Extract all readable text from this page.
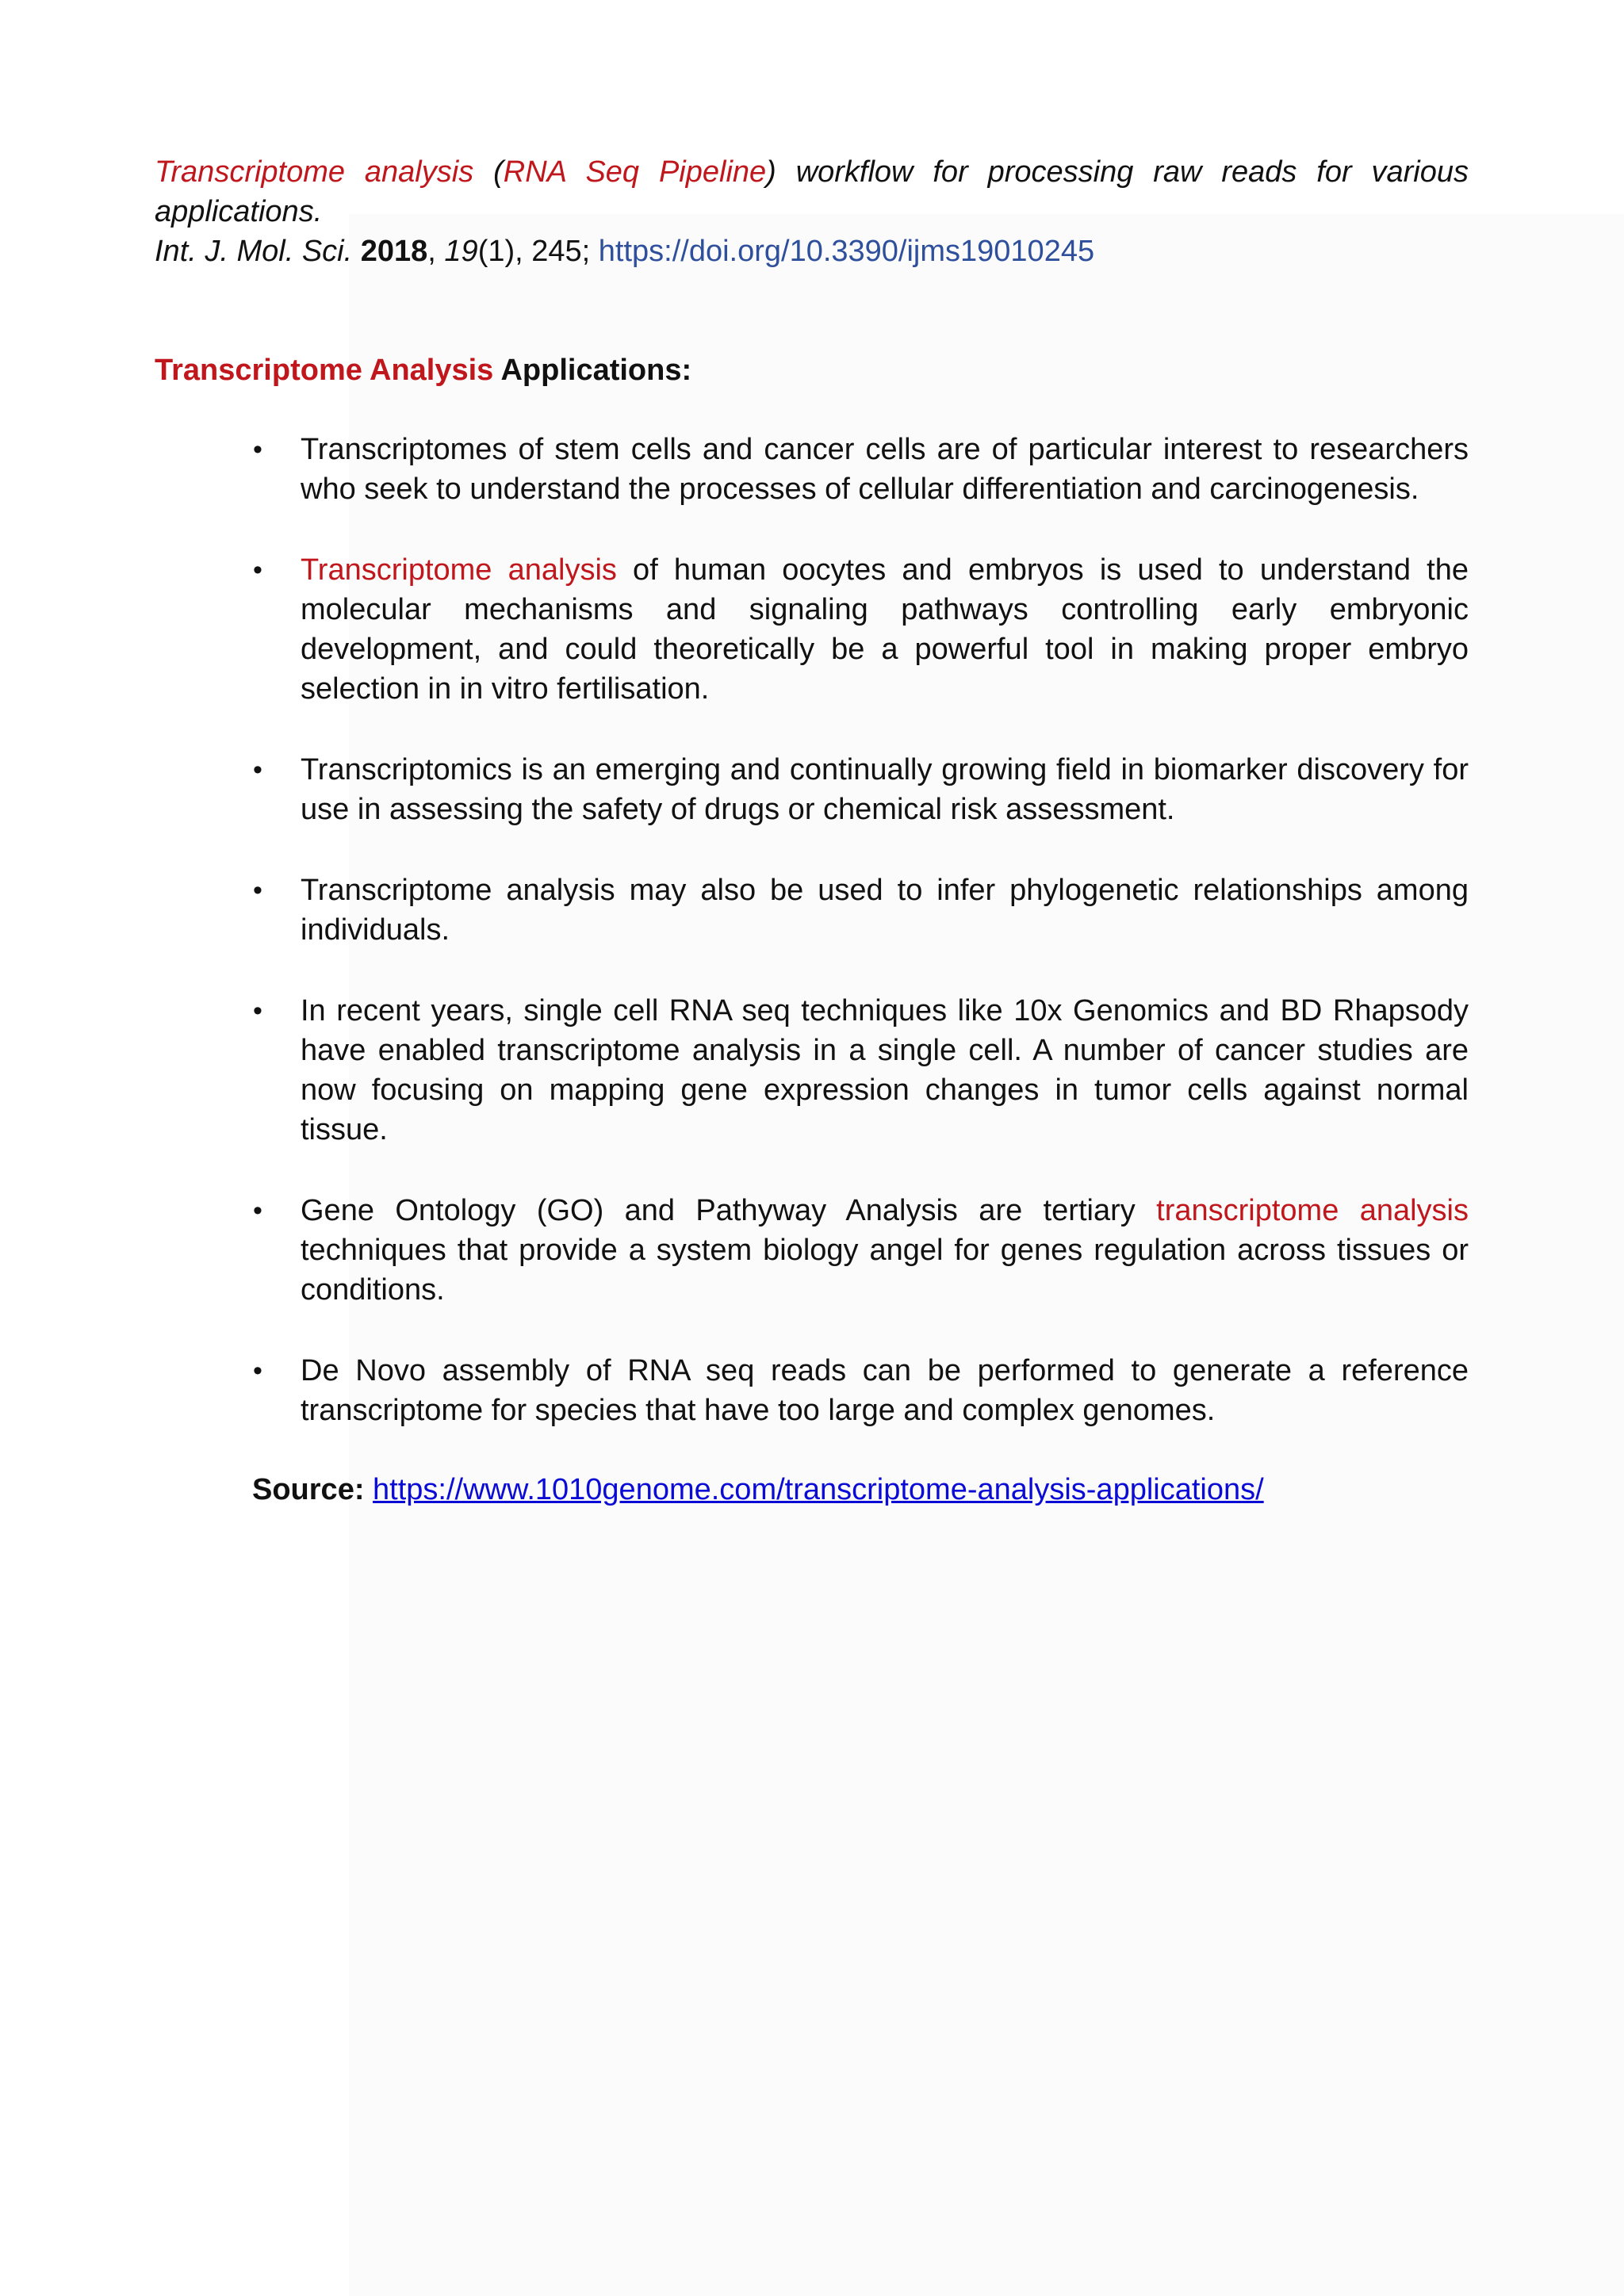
Transcriptome analysis (RNA Seq Pipeline) workflow for processing raw reads for various applications.

Int. J. Mol. Sci. 2018, 19(1), 245; https://doi.org/10.3390/ijms19010245

Transcriptome Analysis Applications:

• Transcriptomes of stem cells and cancer cells are of particular interest to researchers who seek to understand the processes of cellular differentiation and carcinogenesis.
• Transcriptome analysis of human oocytes and embryos is used to understand the molecular mechanisms and signaling pathways controlling early embryonic development, and could theoretically be a powerful tool in making proper embryo selection in in vitro fertilisation.
• Transcriptomics is an emerging and continually growing field in biomarker discovery for use in assessing the safety of drugs or chemical risk assessment.
• Transcriptome analysis may also be used to infer phylogenetic relationships among individuals.
• In recent years, single cell RNA seq techniques like 10x Genomics and BD Rhapsody have enabled transcriptome analysis in a single cell. A number of cancer studies are now focusing on mapping gene expression changes in tumor cells against normal tissue.
• Gene Ontology (GO) and Pathyway Analysis are tertiary transcriptome analysis techniques that provide a system biology angel for genes regulation across tissues or conditions.
• De Novo assembly of RNA seq reads can be performed to generate a reference transcriptome for species that have too large and complex genomes.

Source: https://www.1010genome.com/transcriptome-analysis-applications/
